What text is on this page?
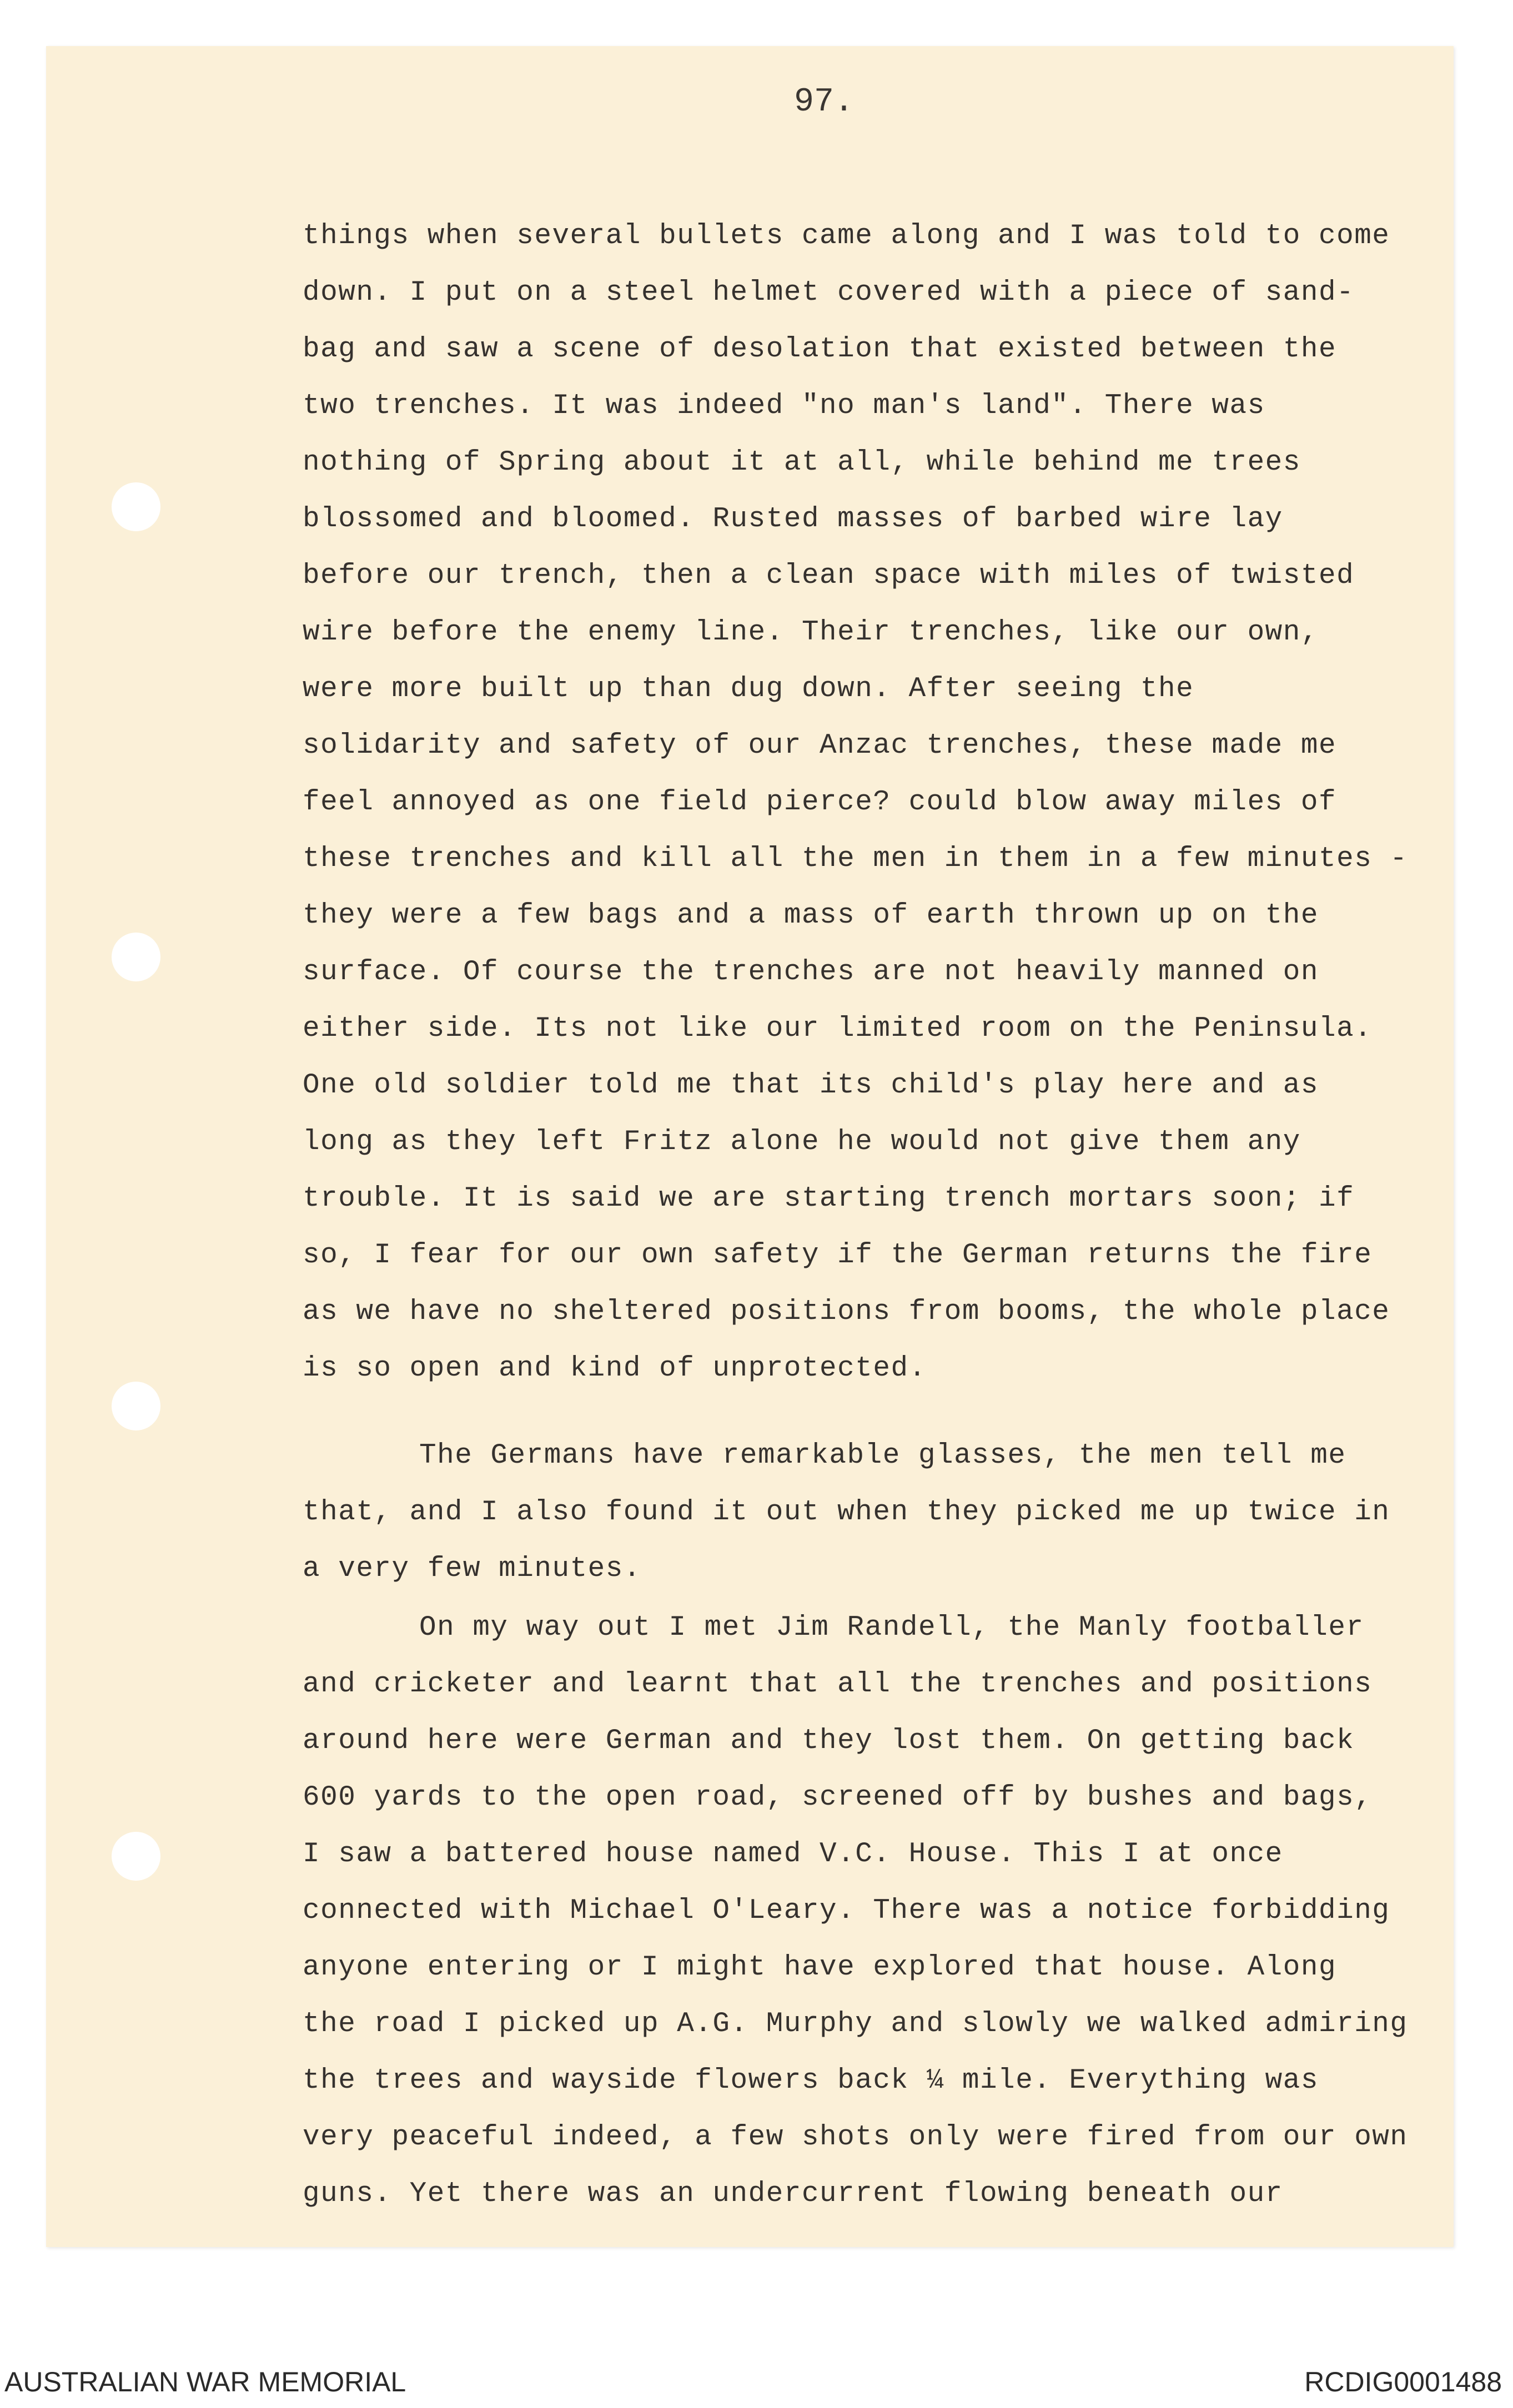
97.

things when several bullets came along and I was told to come
down. I put on a steel helmet covered with a piece of sand-
bag and saw a scene of desolation that existed between the
two trenches. It was indeed "no man's land". There was
nothing of Spring about it at all, while behind me trees
blossomed and bloomed. Rusted masses of barbed wire lay
before our trench, then a clean space with miles of twisted
wire before the enemy line. Their trenches, like our own,
were more built up than dug down. After seeing the
solidarity and safety of our Anzac trenches, these made me
feel annoyed as one field pierce? could blow away miles of
these trenches and kill all the men in them in a few minutes -
they were a few bags and a mass of earth thrown up on the
surface. Of course the trenches are not heavily manned on
either side. Its not like our limited room on the Peninsula.
One old soldier told me that its child's play here and as
long as they left Fritz alone he would not give them any
trouble. It is said we are starting trench mortars soon; if
so, I fear for our own safety if the German returns the fire
as we have no sheltered positions from booms, the whole place
is so open and kind of unprotected.

The Germans have remarkable glasses, the men tell me
that, and I also found it out when they picked me up twice in
a very few minutes.

On my way out I met Jim Randell, the Manly footballer
and cricketer and learnt that all the trenches and positions
around here were German and they lost them. On getting back
600 yards to the open road, screened off by bushes and bags,
I saw a battered house named V.C. House. This I at once
connected with Michael O'Leary. There was a notice forbidding
anyone entering or I might have explored that house. Along
the road I picked up A.G. Murphy and slowly we walked admiring
the trees and wayside flowers back ¼ mile. Everything was
very peaceful indeed, a few shots only were fired from our own
guns. Yet there was an undercurrent flowing beneath our

AUSTRALIAN WAR MEMORIAL	RCDIG0001488
